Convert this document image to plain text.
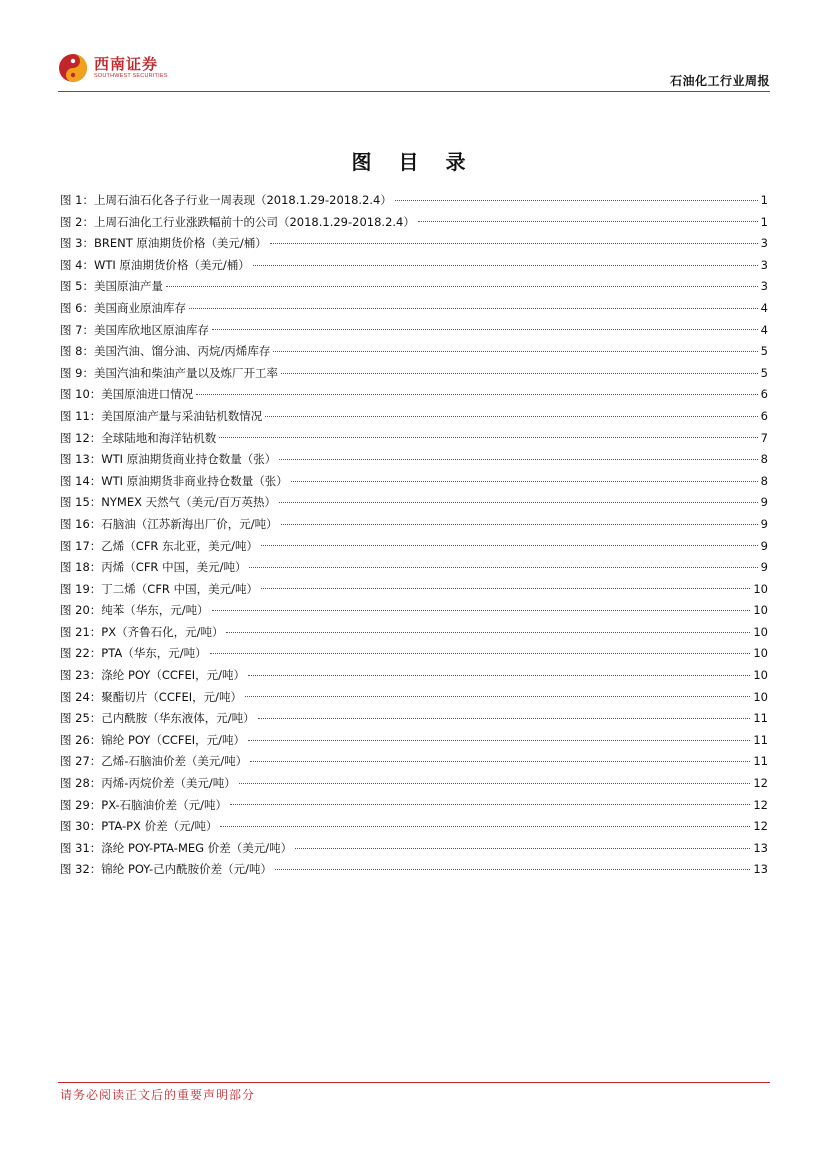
西南证券
SOUTHWEST SECURITIES	石油化工行业周报
图 目 录
图 1：上周石油石化各子行业一周表现（2018.1.29-2018.2.4）	1
图 2：上周石油化工行业涨跌幅前十的公司（2018.1.29-2018.2.4）	1
图 3：BRENT 原油期货价格（美元/桶）	3
图 4：WTI 原油期货价格（美元/桶）	3
图 5：美国原油产量	3
图 6：美国商业原油库存	4
图 7：美国库欣地区原油库存	4
图 8：美国汽油、馏分油、丙烷/丙烯库存	5
图 9：美国汽油和柴油产量以及炼厂开工率	5
图 10：美国原油进口情况	6
图 11：美国原油产量与采油钻机数情况	6
图 12：全球陆地和海洋钻机数	7
图 13：WTI 原油期货商业持仓数量（张）	8
图 14：WTI 原油期货非商业持仓数量（张）	8
图 15：NYMEX 天然气（美元/百万英热）	9
图 16：石脑油（江苏新海出厂价，元/吨）	9
图 17：乙烯（CFR 东北亚，美元/吨）	9
图 18：丙烯（CFR 中国，美元/吨）	9
图 19：丁二烯（CFR 中国，美元/吨）	10
图 20：纯苯（华东，元/吨）	10
图 21：PX（齐鲁石化，元/吨）	10
图 22：PTA（华东，元/吨）	10
图 23：涤纶 POY（CCFEI，元/吨）	10
图 24：聚酯切片（CCFEI，元/吨）	10
图 25：己内酰胺（华东液体，元/吨）	11
图 26：锦纶 POY（CCFEI，元/吨）	11
图 27：乙烯-石脑油价差（美元/吨）	11
图 28：丙烯-丙烷价差（美元/吨）	12
图 29：PX-石脑油价差（元/吨）	12
图 30：PTA-PX 价差（元/吨）	12
图 31：涤纶 POY-PTA-MEG 价差（美元/吨）	13
图 32：锦纶 POY-己内酰胺价差（元/吨）	13
请务必阅读正文后的重要声明部分
